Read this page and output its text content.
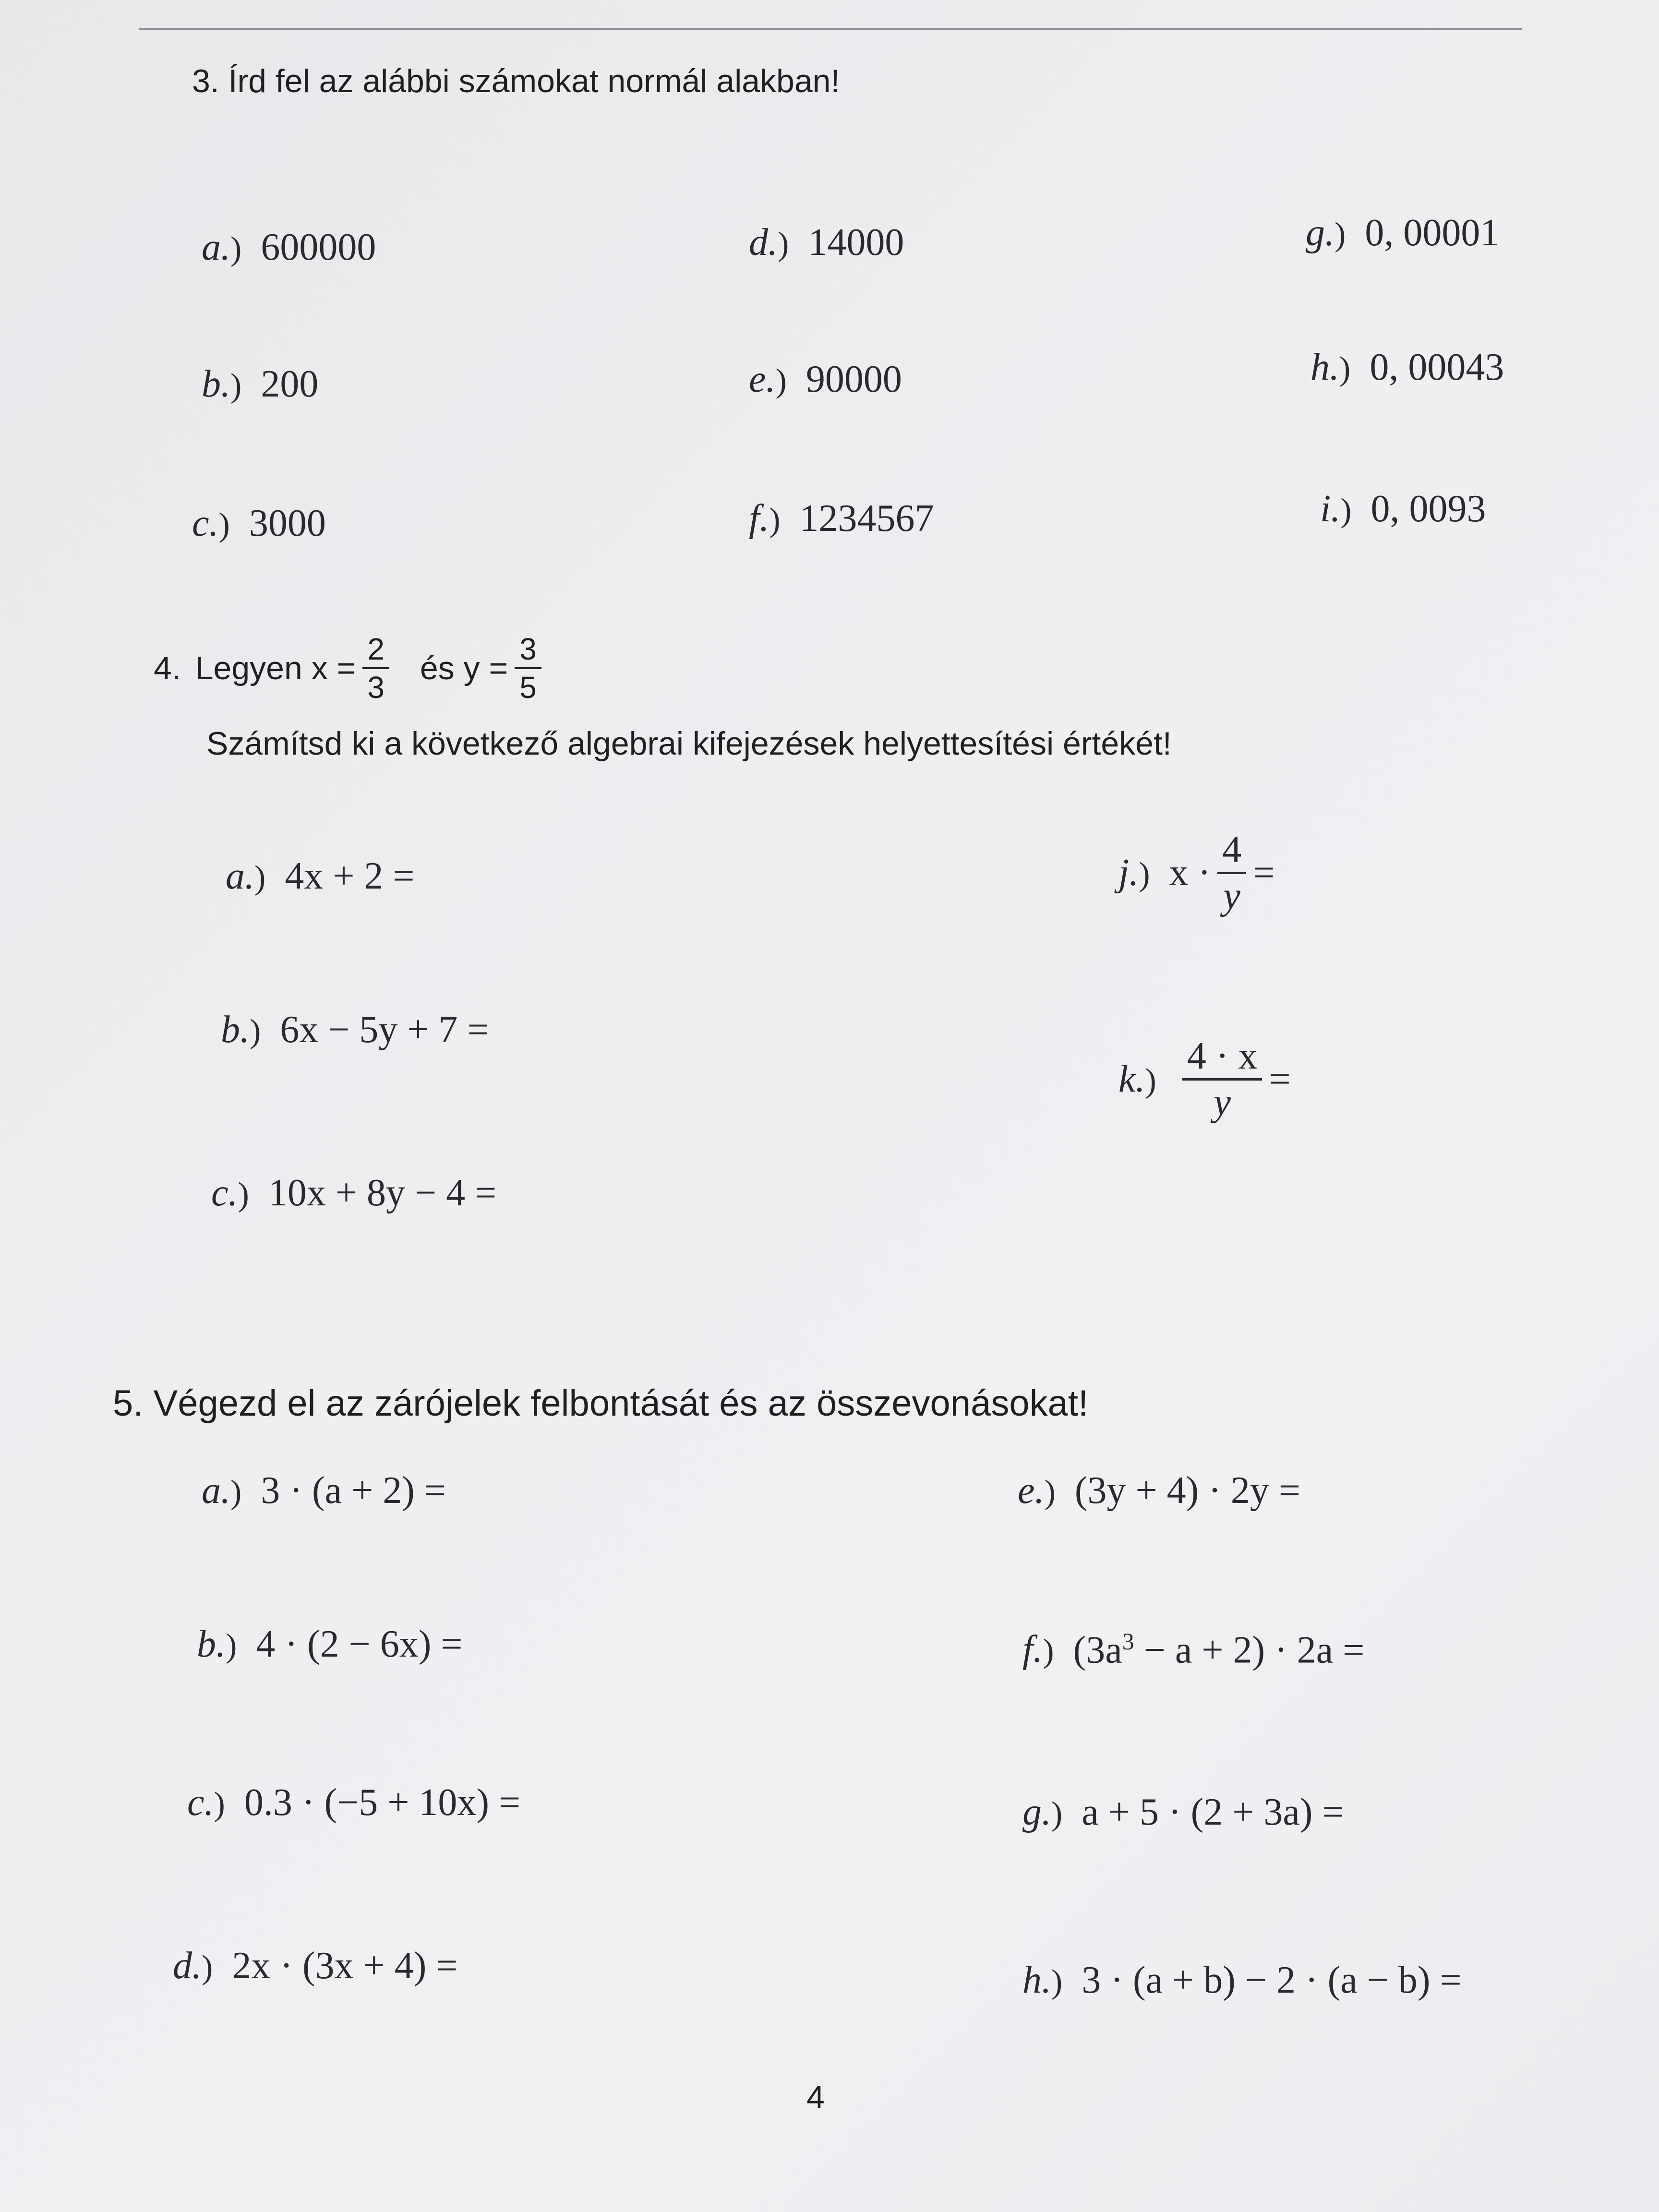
3. Írd fel az alábbi számokat normál alakban!
a.) 600000
b.) 200
c.) 3000
d.) 14000
e.) 90000
f.) 1234567
g.) 0, 00001
h.) 0, 00043
i.) 0, 0093
4. Legyen $x = \frac{2}{3}$ és $y = \frac{3}{5}$
Számítsd ki a következő algebrai kifejezések helyettesítési értékét!
a.) 4x + 2 =
b.) 6x − 5y + 7 =
c.) 10x + 8y − 4 =
j.) $x \cdot \frac{4}{y}$ =
$k.) \frac{4 \cdot x}{y}$ =
5. Végezd el az zárójelek felbontását és az összevonásokat!
a.) 3 · (a + 2) =
b.) 4 · (2 − 6x) =
c.) 0.3 · (−5 + 10x) =
d.) 2x · (3x + 4) =
e.) (3y + 4) · 2y =
f.) $(3a^3 - a + 2) \cdot 2a$ =
g.) a + 5 · (2 + 3a) =
h.) 3 · (a + b) − 2 · (a − b) =
4
